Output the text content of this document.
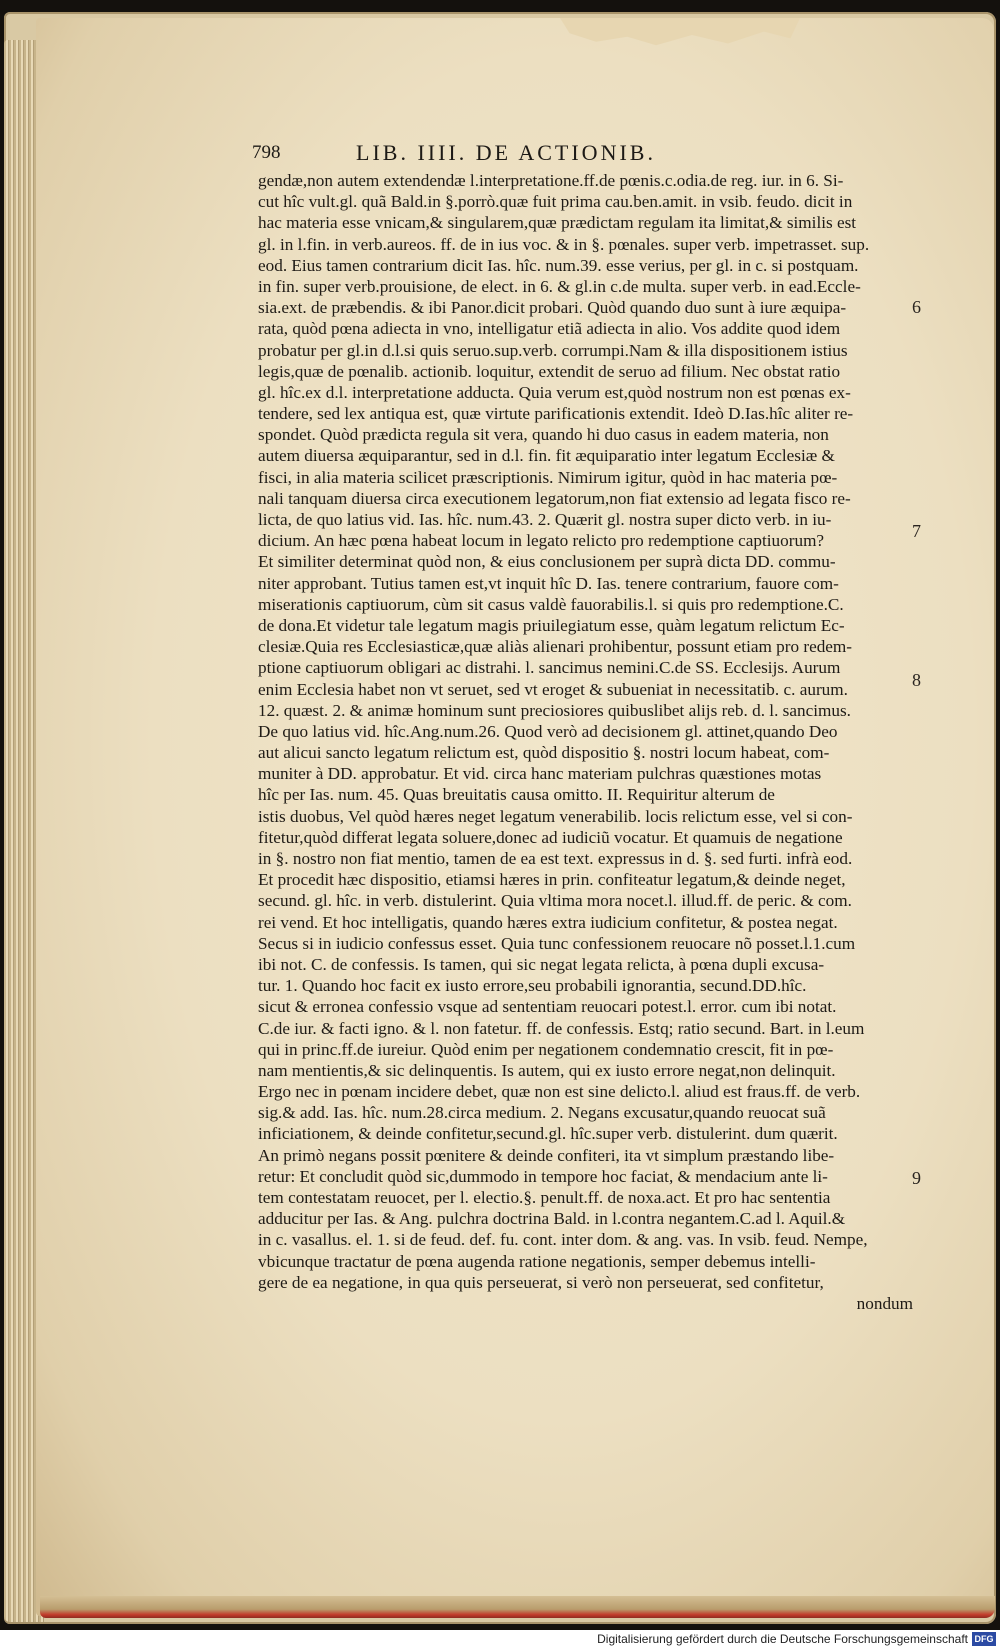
798	LIB. IIII. DE ACTIONIB.
gendæ,non autem extendendæ l.interpretatione.ff.de pœnis.c.odia.de reg. iur. in 6. Si-
cut hîc vult.gl. quã Bald.in §.porrò.quæ fuit prima cau.ben.amit. in vsib. feudo. dicit in
hac materia esse vnicam,& singularem,quæ prædictam regulam ita limitat,& similis est
gl. in l.fin. in verb.aureos. ff. de in ius voc. & in §. pœnales. super verb. impetrasset. sup.
eod. Eius tamen contrarium dicit Ias. hîc. num.39. esse verius, per gl. in c. si postquam.
in fin. super verb.prouisione, de elect. in 6. & gl.in c.de multa. super verb. in ead.Eccle-
sia.ext. de præbendis. & ibi Panor.dicit probari. Quòd quando duo sunt à iure æquipa-
rata, quòd pœna adiecta in vno, intelligatur etiã adiecta in alio. Vos addite quod idem
probatur per gl.in d.l.si quis seruo.sup.verb. corrumpi.Nam & illa dispositionem istius
legis,quæ de pœnalib. actionib. loquitur, extendit de seruo ad filium. Nec obstat ratio
gl. hîc.ex d.l. interpretatione adducta. Quia verum est,quòd nostrum non est pœnas ex-
tendere, sed lex antiqua est, quæ virtute parificationis extendit. Ideò D.Ias.hîc aliter re-
spondet. Quòd prædicta regula sit vera, quando hi duo casus in eadem materia, non
autem diuersa æquiparantur, sed in d.l. fin. fit æquiparatio inter legatum Ecclesiæ &
fisci, in alia materia scilicet præscriptionis. Nimirum igitur, quòd in hac materia pœ-
nali tanquam diuersa circa executionem legatorum,non fiat extensio ad legata fisco re-
licta, de quo latius vid. Ias. hîc. num.43. 2. Quærit gl. nostra super dicto verb. in iu-
dicium. An hæc pœna habeat locum in legato relicto pro redemptione captiuorum?
Et similiter determinat quòd non, & eius conclusionem per suprà dicta DD. commu-
niter approbant. Tutius tamen est,vt inquit hîc D. Ias. tenere contrarium, fauore com-
miserationis captiuorum, cùm sit casus valdè fauorabilis.l. si quis pro redemptione.C.
de dona.Et videtur tale legatum magis priuilegiatum esse, quàm legatum relictum Ec-
clesiæ.Quia res Ecclesiasticæ,quæ aliàs alienari prohibentur, possunt etiam pro redem-
ptione captiuorum obligari ac distrahi. l. sancimus nemini.C.de SS. Ecclesijs. Aurum
enim Ecclesia habet non vt seruet, sed vt eroget & subueniat in necessitatib. c. aurum.
12. quæst. 2. & animæ hominum sunt preciosiores quibuslibet alijs reb. d. l. sancimus.
De quo latius vid. hîc.Ang.num.26. Quod verò ad decisionem gl. attinet,quando Deo
aut alicui sancto legatum relictum est, quòd dispositio §. nostri locum habeat, com-
muniter à DD. approbatur. Et vid. circa hanc materiam pulchras quæstiones motas
hîc per Ias. num. 45. Quas breuitatis causa omitto. II. Requiritur alterum de
istis duobus, Vel quòd hæres neget legatum venerabilib. locis relictum esse, vel si con-
fitetur,quòd differat legata soluere,donec ad iudiciũ vocatur. Et quamuis de negatione
in §. nostro non fiat mentio, tamen de ea est text. expressus in d. §. sed furti. infrà eod.
Et procedit hæc dispositio, etiamsi hæres in prin. confiteatur legatum,& deinde neget,
secund. gl. hîc. in verb. distulerint. Quia vltima mora nocet.l. illud.ff. de peric. & com.
rei vend. Et hoc intelligatis, quando hæres extra iudicium confitetur, & postea negat.
Secus si in iudicio confessus esset. Quia tunc confessionem reuocare nõ posset.l.1.cum
ibi not. C. de confessis. Is tamen, qui sic negat legata relicta, à pœna dupli excusa-
tur. 1. Quando hoc facit ex iusto errore,seu probabili ignorantia, secund.DD.hîc.
sicut & erronea confessio vsque ad sententiam reuocari potest.l. error. cum ibi notat.
C.de iur. & facti igno. & l. non fatetur. ff. de confessis. Estq; ratio secund. Bart. in l.eum
qui in princ.ff.de iureiur. Quòd enim per negationem condemnatio crescit, fit in pœ-
nam mentientis,& sic delinquentis. Is autem, qui ex iusto errore negat,non delinquit.
Ergo nec in pœnam incidere debet, quæ non est sine delicto.l. aliud est fraus.ff. de verb.
sig.& add. Ias. hîc. num.28.circa medium. 2. Negans excusatur,quando reuocat suã
inficiationem, & deinde confitetur,secund.gl. hîc.super verb. distulerint. dum quærit.
An primò negans possit pœnitere & deinde confiteri, ita vt simplum præstando libe-
retur: Et concludit quòd sic,dummodo in tempore hoc faciat, & mendacium ante li-
tem contestatam reuocet, per l. electio.§. penult.ff. de noxa.act. Et pro hac sententia
adducitur per Ias. & Ang. pulchra doctrina Bald. in l.contra negantem.C.ad l. Aquil.&
in c. vasallus. el. 1. si de feud. def. fu. cont. inter dom. & ang. vas. In vsib. feud. Nempe,
vbicunque tractatur de pœna augenda ratione negationis, semper debemus intelli-
gere de ea negatione, in qua quis perseuerat, si verò non perseuerat, sed confitetur,
nondum
6
7
8
9
Digitalisierung gefördert durch die Deutsche Forschungsgemeinschaft DFG
